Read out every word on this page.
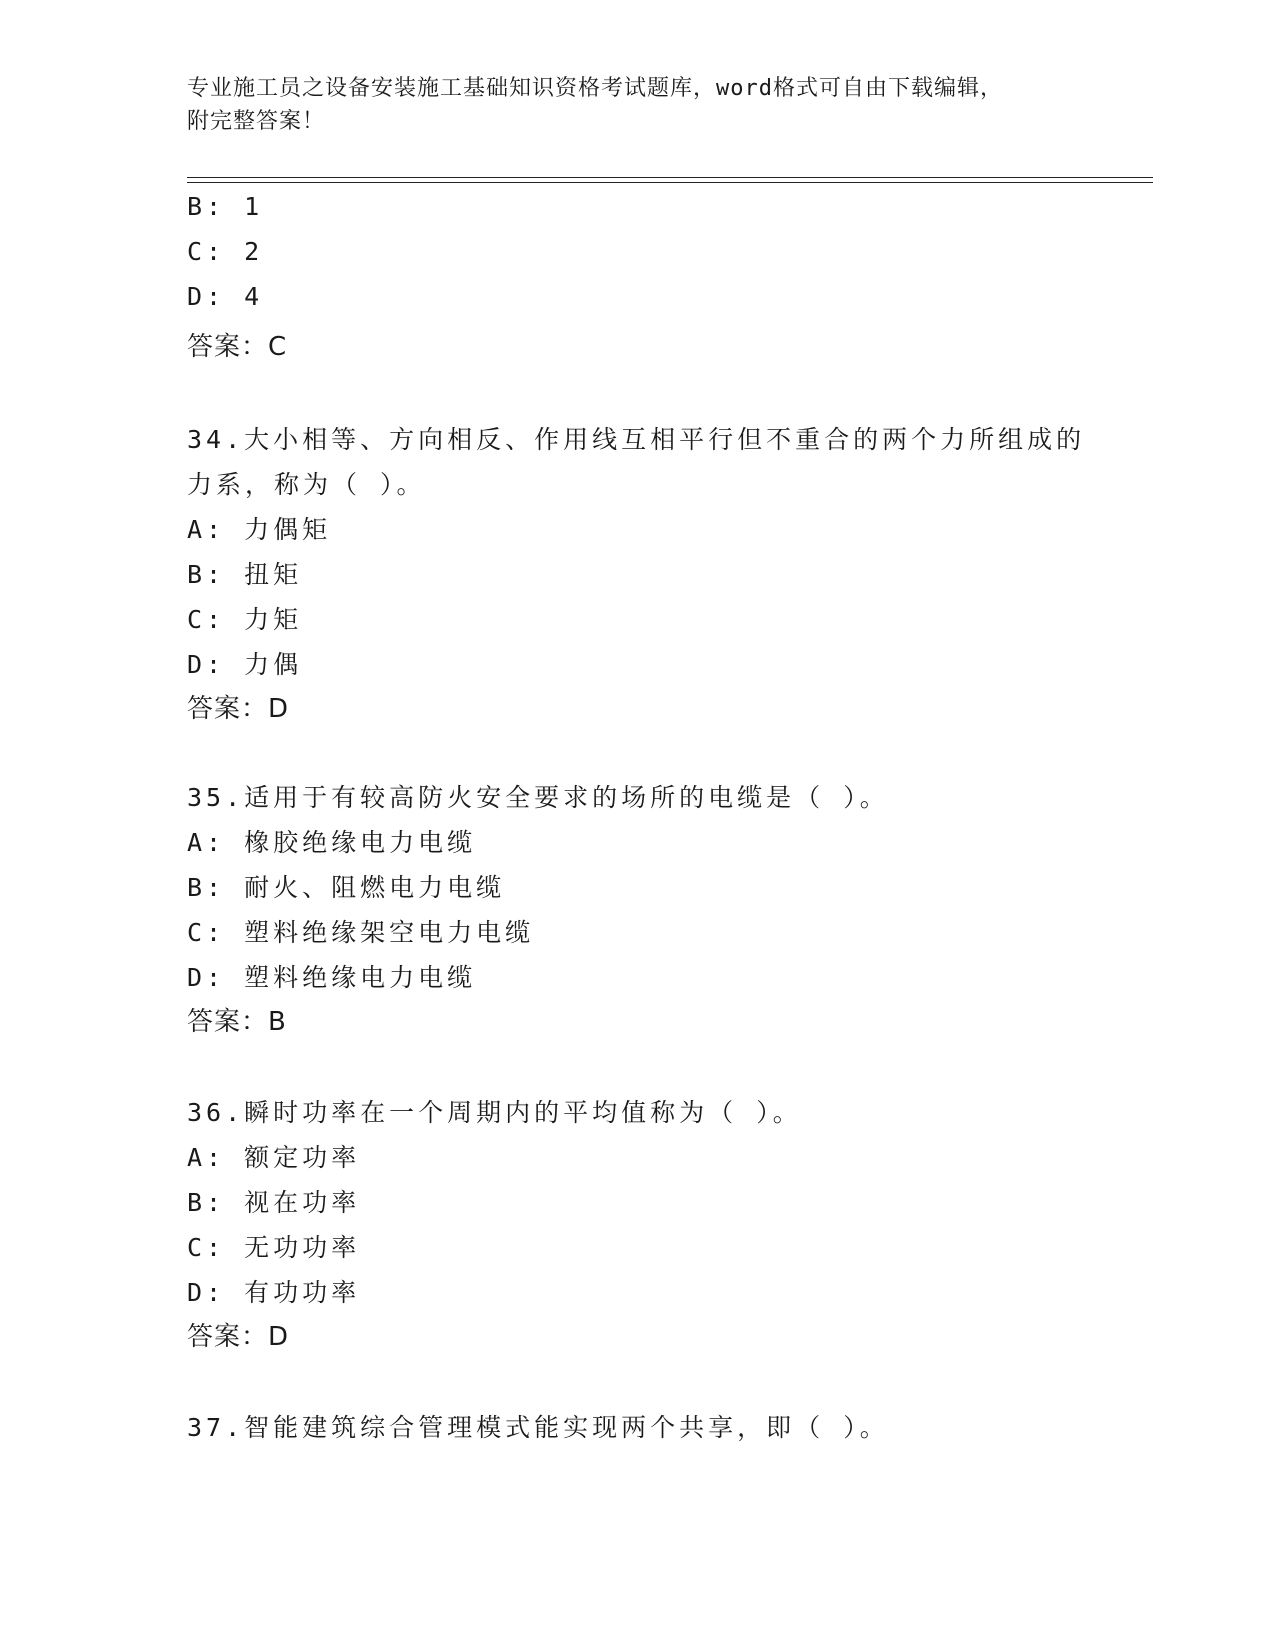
专业施工员之设备安装施工基础知识资格考试题库，word格式可自由下载编辑，
附完整答案！
B: 1
C: 2
D: 4
答案：C
34.大小相等、方向相反、作用线互相平行但不重合的两个力所组成的
力系，称为（ ）。
A: 力偶矩
B: 扭矩
C: 力矩
D: 力偶
答案：D
35.适用于有较高防火安全要求的场所的电缆是（ ）。
A: 橡胶绝缘电力电缆
B: 耐火、阻燃电力电缆
C: 塑料绝缘架空电力电缆
D: 塑料绝缘电力电缆
答案：B
36.瞬时功率在一个周期内的平均值称为（ ）。
A: 额定功率
B: 视在功率
C: 无功功率
D: 有功功率
答案：D
37.智能建筑综合管理模式能实现两个共享，即（ ）。
